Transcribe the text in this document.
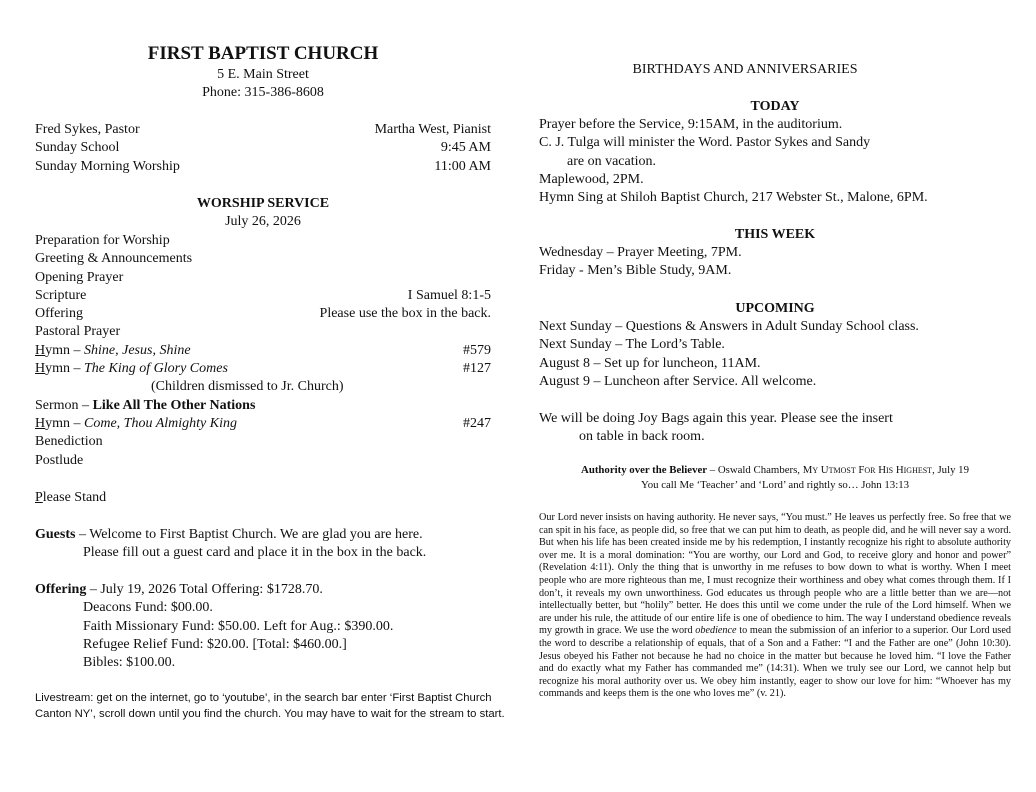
FIRST BAPTIST CHURCH
5 E. Main Street
Phone: 315-386-8608
Fred Sykes, Pastor	Martha West, Pianist
Sunday School	9:45 AM
Sunday Morning Worship	11:00 AM
WORSHIP SERVICE
July 26, 2026
Preparation for Worship
Greeting & Announcements
Opening Prayer
Scripture	I Samuel 8:1-5
Offering	Please use the box in the back.
Pastoral Prayer
Hymn – Shine, Jesus, Shine	#579
Hymn – The King of Glory Comes	#127
(Children dismissed to Jr. Church)
Sermon – Like All The Other Nations
Hymn – Come, Thou Almighty King	#247
Benediction
Postlude
Please Stand
Guests – Welcome to First Baptist Church. We are glad you are here.
Please fill out a guest card and place it in the box in the back.
Offering – July 19, 2026 Total Offering: $1728.70.
Deacons Fund: $00.00.
Faith Missionary Fund: $50.00. Left for Aug.: $390.00.
Refugee Relief Fund: $20.00. [Total: $460.00.]
Bibles: $100.00.
Livestream: get on the internet, go to ‘youtube’, in the search bar enter ‘First Baptist Church Canton NY’, scroll down until you find the church. You may have to wait for the stream to start.
BIRTHDAYS AND ANNIVERSARIES
TODAY
Prayer before the Service, 9:15AM, in the auditorium.
C. J. Tulga will minister the Word. Pastor Sykes and Sandy
are on vacation.
Maplewood, 2PM.
Hymn Sing at Shiloh Baptist Church, 217 Webster St., Malone, 6PM.
THIS WEEK
Wednesday – Prayer Meeting, 7PM.
Friday - Men’s Bible Study, 9AM.
UPCOMING
Next Sunday – Questions & Answers in Adult Sunday School class.
Next Sunday – The Lord’s Table.
August 8 – Set up for luncheon, 11AM.
August 9 – Luncheon after Service. All welcome.
We will be doing Joy Bags again this year. Please see the insert
on table in back room.
Authority over the Believer – Oswald Chambers, My Utmost For His Highest, July 19
You call Me ‘Teacher’ and ‘Lord’ and rightly so… John 13:13
Our Lord never insists on having authority. He never says, “You must.” He leaves us perfectly free. So free that we can spit in his face, as people did, so free that we can put him to death, as people did, and he will never say a word. But when his life has been created inside me by his redemption, I instantly recognize his right to absolute authority over me. It is a moral domination: “You are worthy, our Lord and God, to receive glory and honor and power” (Revelation 4:11). Only the thing that is unworthy in me refuses to bow down to what is worthy. When I meet people who are more righteous than me, I must recognize their worthiness and obey what comes through them. If I don’t, it reveals my own unworthiness. God educates us through people who are a little better than we are—not intellectually better, but “holily” better. He does this until we come under the rule of the Lord himself. When we are under his rule, the attitude of our entire life is one of obedience to him. The way I understand obedience reveals my growth in grace. We use the word obedience to mean the submission of an inferior to a superior. Our Lord used the word to describe a relationship of equals, that of a Son and a Father: “I and the Father are one” (John 10:30). Jesus obeyed his Father not because he had no choice in the matter but because he loved him. “I love the Father and do exactly what my Father has commanded me” (14:31). When we truly see our Lord, we cannot help but recognize his moral authority over us. We obey him instantly, eager to show our love for him: “Whoever has my commands and keeps them is the one who loves me” (v. 21).
